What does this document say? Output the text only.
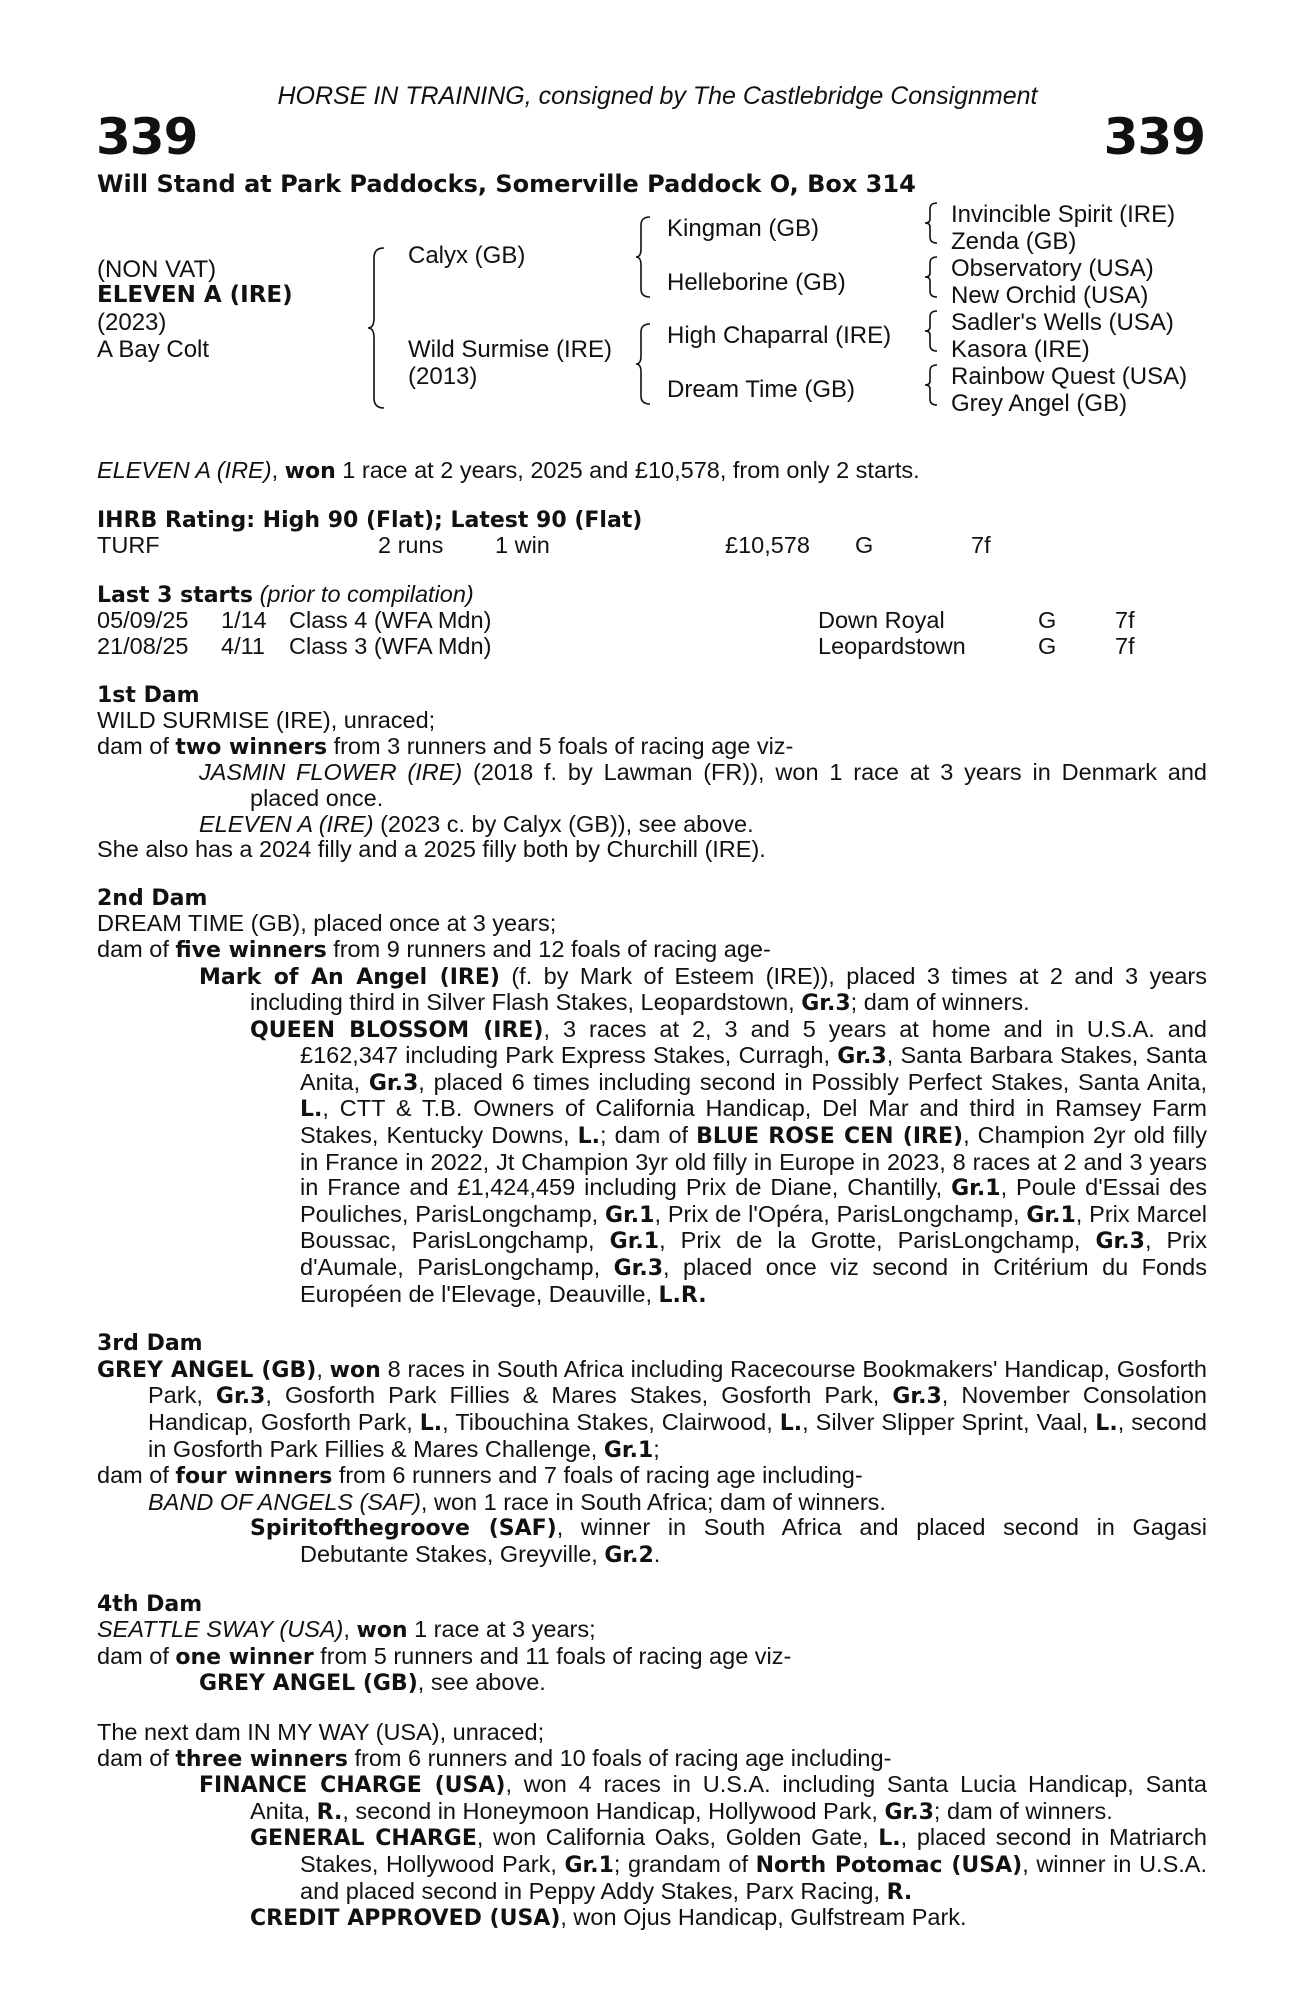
HORSE IN TRAINING, consigned by The Castlebridge Consignment
339	339
Will Stand at Park Paddocks, Somerville Paddock O, Box 314
(NON VAT)
ELEVEN A (IRE)
(2023)
A Bay Colt
Calyx (GB)
Wild Surmise (IRE)
(2013)
Kingman (GB)
Helleborine (GB)
High Chaparral (IRE)
Dream Time (GB)
Invincible Spirit (IRE)
Zenda (GB)
Observatory (USA)
New Orchid (USA)
Sadler's Wells (USA)
Kasora (IRE)
Rainbow Quest (USA)
Grey Angel (GB)
ELEVEN A (IRE), won 1 race at 2 years, 2025 and £10,578, from only 2 starts.
IHRB Rating: High 90 (Flat); Latest 90 (Flat)
TURF	2 runs 1 win	£10,578 G	7f
Last 3 starts (prior to compilation)
05/09/25 1/14 Class 4 (WFA Mdn)	Down Royal	G 7f
21/08/25 4/11 Class 3 (WFA Mdn)	Leopardstown	G 7f
1st Dam
WILD SURMISE (IRE), unraced;
dam of two winners from 3 runners and 5 foals of racing age viz-
JASMIN FLOWER (IRE) (2018 f. by Lawman (FR)), won 1 race at 3 years in Denmark and placed once.
ELEVEN A (IRE) (2023 c. by Calyx (GB)), see above.
She also has a 2024 filly and a 2025 filly both by Churchill (IRE).
2nd Dam
DREAM TIME (GB), placed once at 3 years;
dam of five winners from 9 runners and 12 foals of racing age-
Mark of An Angel (IRE) (f. by Mark of Esteem (IRE)), placed 3 times at 2 and 3 years including third in Silver Flash Stakes, Leopardstown, Gr.3; dam of winners.
QUEEN BLOSSOM (IRE), 3 races at 2, 3 and 5 years at home and in U.S.A. and £162,347 including Park Express Stakes, Curragh, Gr.3, Santa Barbara Stakes, Santa Anita, Gr.3, placed 6 times including second in Possibly Perfect Stakes, Santa Anita, L., CTT & T.B. Owners of California Handicap, Del Mar and third in Ramsey Farm Stakes, Kentucky Downs, L.; dam of BLUE ROSE CEN (IRE), Champion 2yr old filly in France in 2022, Jt Champion 3yr old filly in Europe in 2023, 8 races at 2 and 3 years in France and £1,424,459 including Prix de Diane, Chantilly, Gr.1, Poule d'Essai des Pouliches, ParisLongchamp, Gr.1, Prix de l'Opéra, ParisLongchamp, Gr.1, Prix Marcel Boussac, ParisLongchamp, Gr.1, Prix de la Grotte, ParisLongchamp, Gr.3, Prix d'Aumale, ParisLongchamp, Gr.3, placed once viz second in Critérium du Fonds Européen de l'Elevage, Deauville, L.R.
3rd Dam
GREY ANGEL (GB), won 8 races in South Africa including Racecourse Bookmakers' Handicap, Gosforth Park, Gr.3, Gosforth Park Fillies & Mares Stakes, Gosforth Park, Gr.3, November Consolation Handicap, Gosforth Park, L., Tibouchina Stakes, Clairwood, L., Silver Slipper Sprint, Vaal, L., second in Gosforth Park Fillies & Mares Challenge, Gr.1;
dam of four winners from 6 runners and 7 foals of racing age including-
BAND OF ANGELS (SAF), won 1 race in South Africa; dam of winners.
Spiritofthegroove (SAF), winner in South Africa and placed second in Gagasi Debutante Stakes, Greyville, Gr.2.
4th Dam
SEATTLE SWAY (USA), won 1 race at 3 years;
dam of one winner from 5 runners and 11 foals of racing age viz-
GREY ANGEL (GB), see above.
The next dam IN MY WAY (USA), unraced;
dam of three winners from 6 runners and 10 foals of racing age including-
FINANCE CHARGE (USA), won 4 races in U.S.A. including Santa Lucia Handicap, Santa Anita, R., second in Honeymoon Handicap, Hollywood Park, Gr.3; dam of winners.
GENERAL CHARGE, won California Oaks, Golden Gate, L., placed second in Matriarch Stakes, Hollywood Park, Gr.1; grandam of North Potomac (USA), winner in U.S.A. and placed second in Peppy Addy Stakes, Parx Racing, R.
CREDIT APPROVED (USA), won Ojus Handicap, Gulfstream Park.
